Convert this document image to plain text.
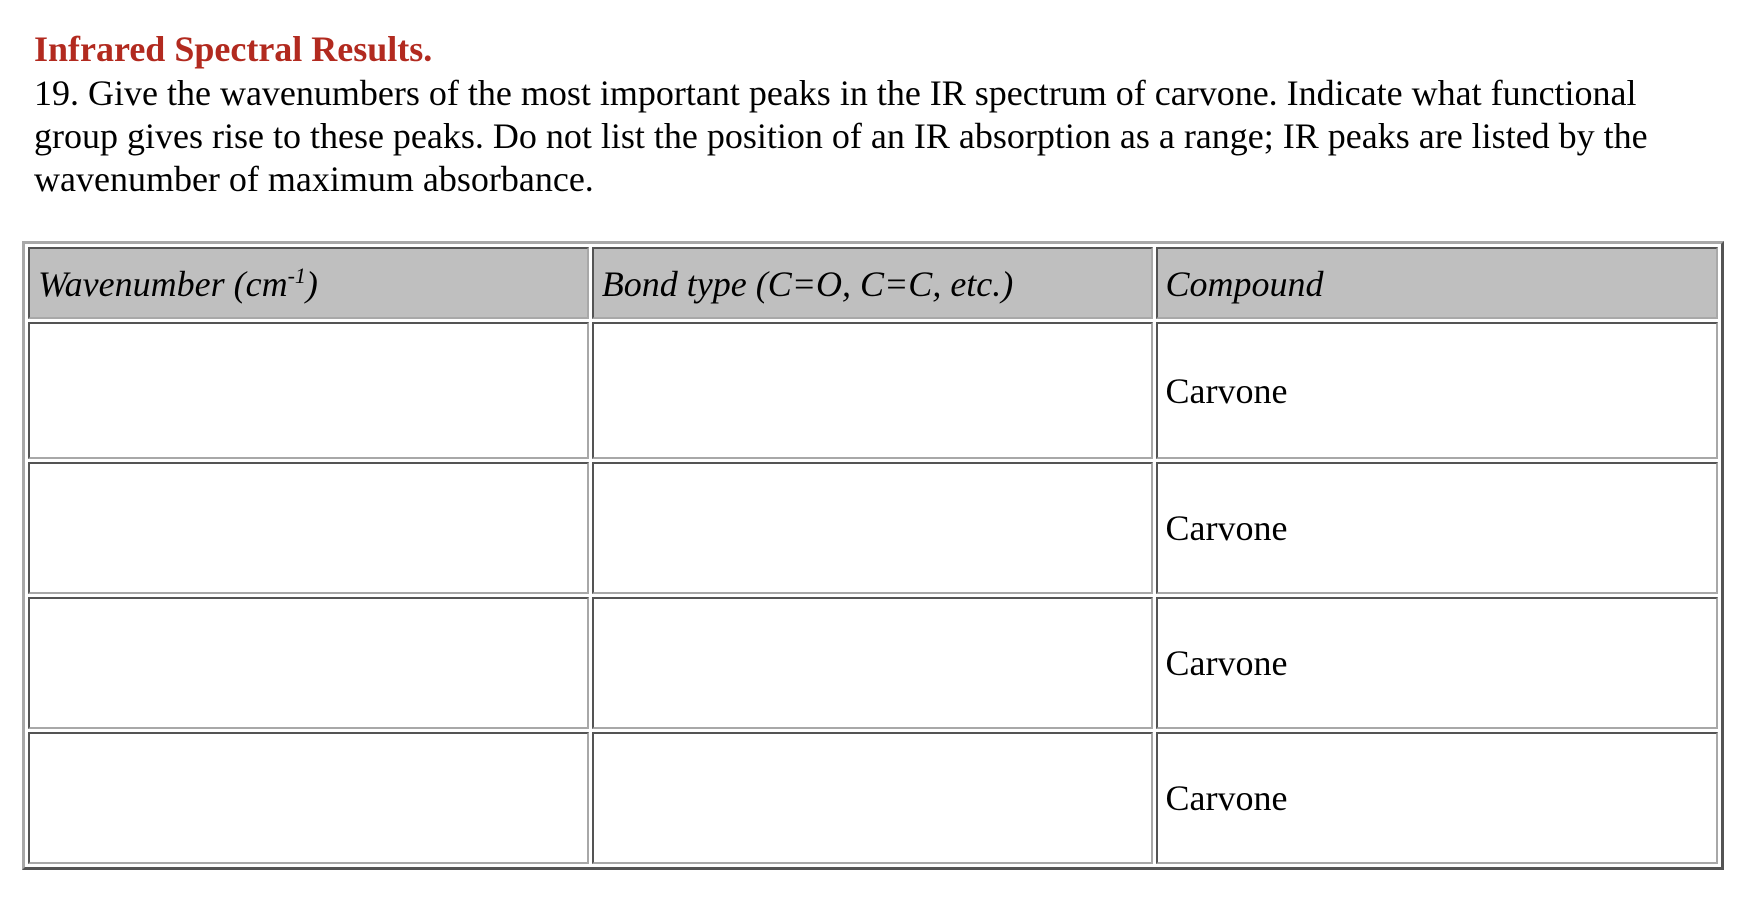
Infrared Spectral Results.

19. Give the wavenumbers of the most important peaks in the IR spectrum of carvone. Indicate what functional group gives rise to these peaks. Do not list the position of an IR absorption as a range; IR peaks are listed by the wavenumber of maximum absorbance.

Wavenumber $(cm^{-1})$	Bond type (C=O, C=C, etc.)	Compound
		Carvone
		Carvone
		Carvone
		Carvone
